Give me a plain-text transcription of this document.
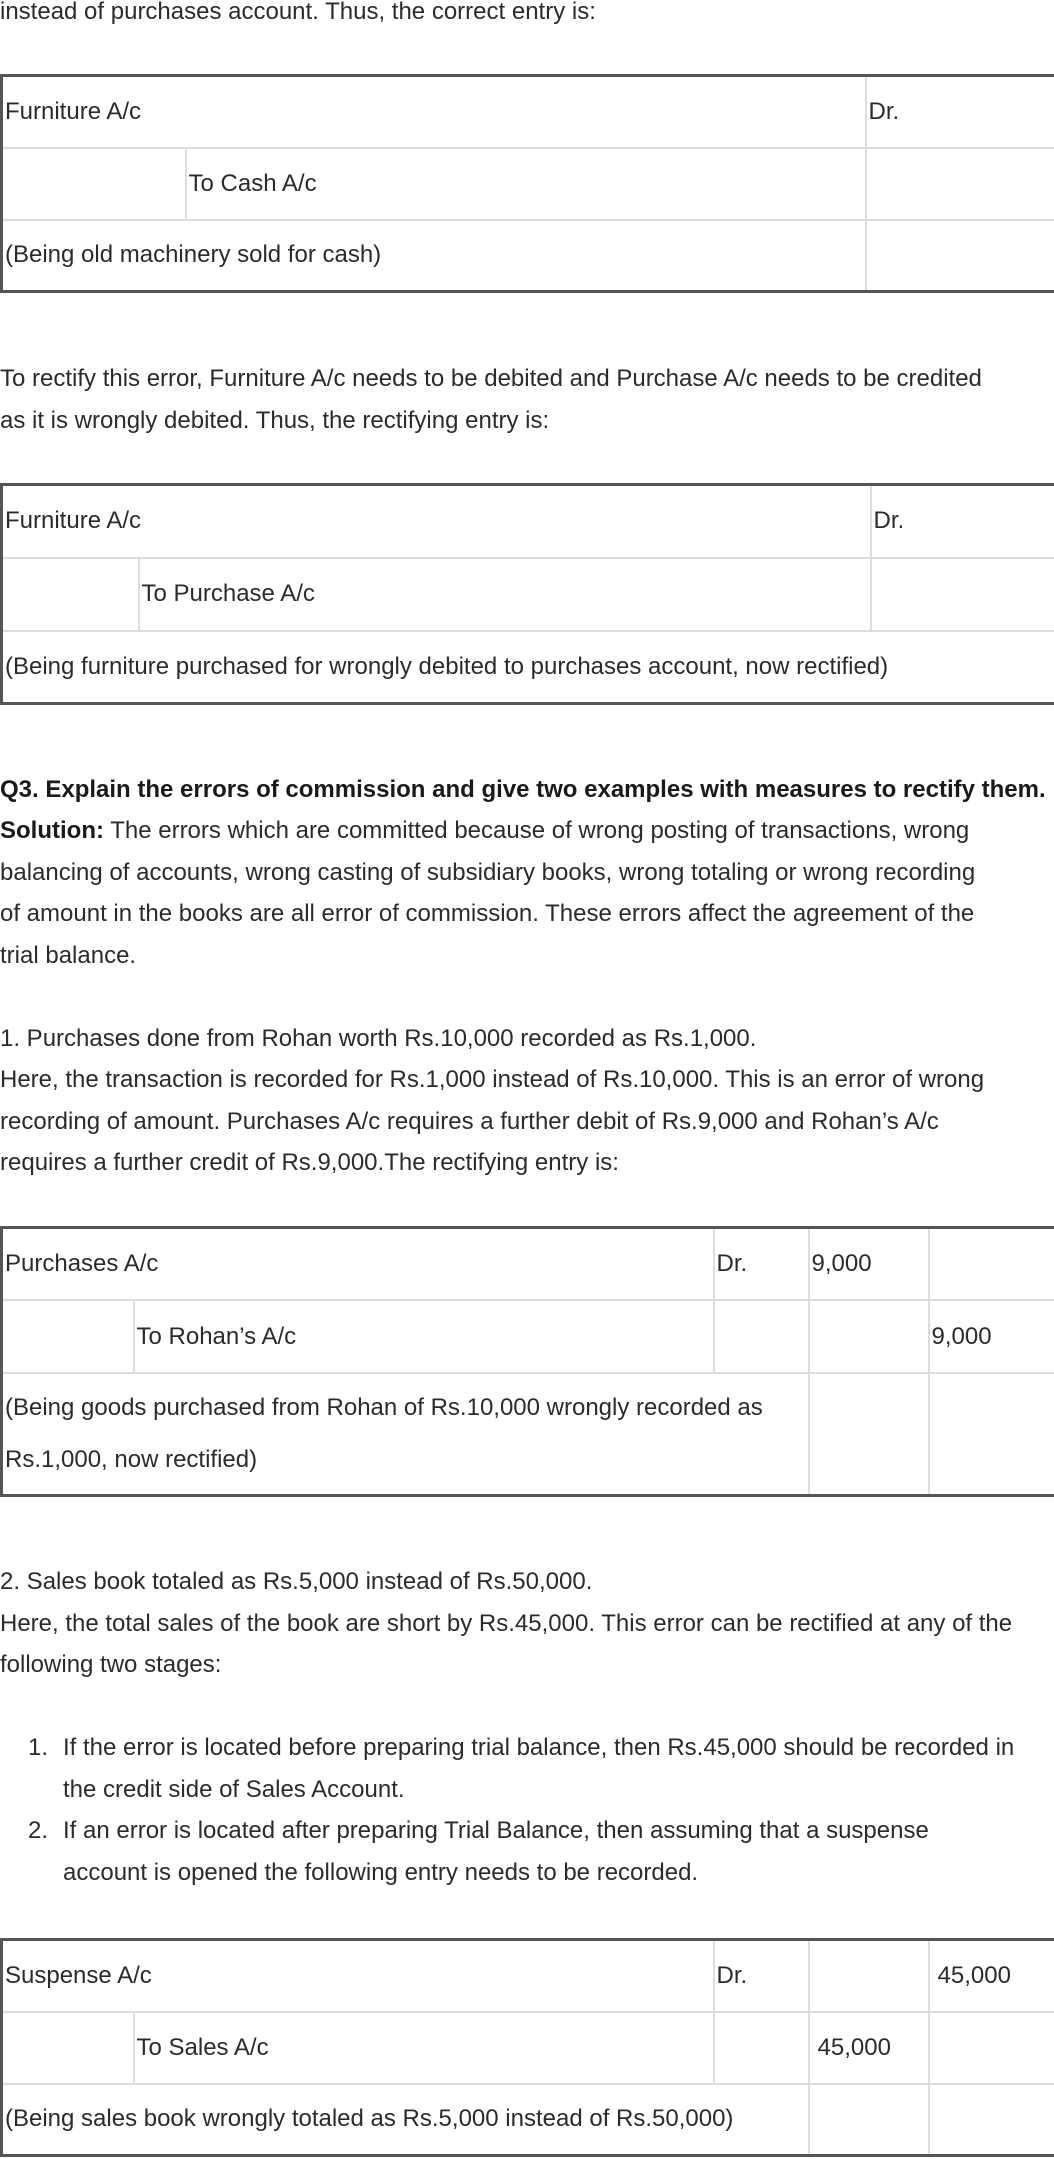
instead of purchases account. Thus, the correct entry is:

Furniture A/c		Dr.
	To Cash A/c	
(Being old machinery sold for cash)		

To rectify this error, Furniture A/c needs to be debited and Purchase A/c needs to be credited

as it is wrongly debited. Thus, the rectifying entry is:

Furniture A/c		Dr.
	To Purchase A/c	
(Being furniture purchased for wrongly debited to purchases account, now rectified)		

Q3. Explain the errors of commission and give two examples with measures to rectify them.

Solution: The errors which are committed because of wrong posting of transactions, wrong

balancing of accounts, wrong casting of subsidiary books, wrong totaling or wrong recording

of amount in the books are all error of commission. These errors affect the agreement of the

trial balance.

1. Purchases done from Rohan worth Rs.10,000 recorded as Rs.1,000.

Here, the transaction is recorded for Rs.1,000 instead of Rs.10,000. This is an error of wrong

recording of amount. Purchases A/c requires a further debit of Rs.9,000 and Rohan’s A/c

requires a further credit of Rs.9,000.The rectifying entry is:

Purchases A/c		Dr.	9,000	
	To Rohan’s A/c			9,000
(Being goods purchased from Rohan of Rs.10,000 wrongly recorded as
Rs.1,000, now rectified)				

2. Sales book totaled as Rs.5,000 instead of Rs.50,000.

Here, the total sales of the book are short by Rs.45,000. This error can be rectified at any of the

following two stages:

1. If the error is located before preparing trial balance, then Rs.45,000 should be recorded in
the credit side of Sales Account.
2. If an error is located after preparing Trial Balance, then assuming that a suspense
account is opened the following entry needs to be recorded.
Suspense A/c		Dr.		45,000
	To Sales A/c		45,000	
(Being sales book wrongly totaled as Rs.5,000 instead of Rs.50,000)				
